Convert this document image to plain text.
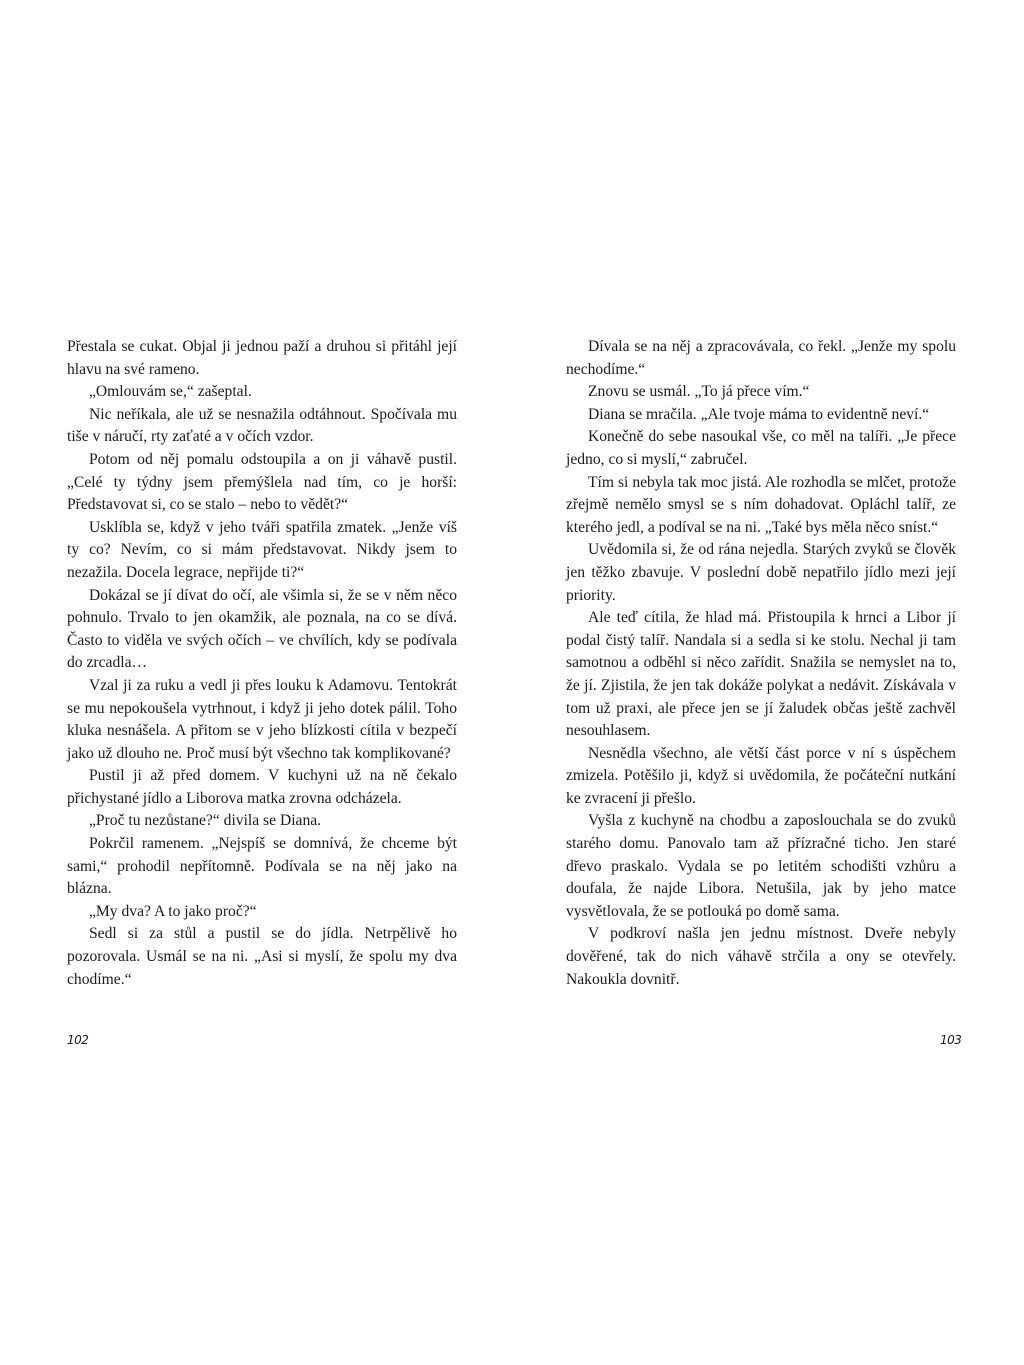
Přestala se cukat. Objal ji jednou paží a druhou si přitáhl její hlavu na své rameno.

„Omlouvám se,“ zašeptal.

Nic neříkala, ale už se nesnažila odtáhnout. Spočívala mu tiše v náručí, rty zaťaté a v očích vzdor.

Potom od něj pomalu odstoupila a on ji váhavě pustil. „Celé ty týdny jsem přemýšlela nad tím, co je horší: Představovat si, co se stalo – nebo to vědět?“

Usklíbla se, když v jeho tváři spatřila zmatek. „Jenže víš ty co? Nevím, co si mám představovat. Nikdy jsem to nezažila. Docela legrace, nepřijde ti?“

Dokázal se jí dívat do očí, ale všimla si, že se v něm něco pohnulo. Trvalo to jen okamžik, ale poznala, na co se dívá. Často to viděla ve svých očích – ve chvílích, kdy se podívala do zrcadla…

Vzal ji za ruku a vedl ji přes louku k Adamovu. Tentokrát se mu nepokoušela vytrhnout, i když ji jeho dotek pálil. Toho kluka nesnášela. A přitom se v jeho blízkosti cítila v bezpečí jako už dlouho ne. Proč musí být všechno tak komplikované?

Pustil ji až před domem. V kuchyni už na ně čekalo přichystané jídlo a Liborova matka zrovna odcházela.

„Proč tu nezůstane?“ divila se Diana.

Pokrčil ramenem. „Nejspíš se domnívá, že chceme být sami,“ prohodil nepřítomně. Podívala se na něj jako na blázna.

„My dva? A to jako proč?“

Sedl si za stůl a pustil se do jídla. Netrpělivě ho pozorovala. Usmál se na ni. „Asi si myslí, že spolu my dva chodíme.“

Dívala se na něj a zpracovávala, co řekl. „Jenže my spolu nechodíme.“

Znovu se usmál. „To já přece vím.“

Diana se mračila. „Ale tvoje máma to evidentně neví.“

Konečně do sebe nasoukal vše, co měl na talíři. „Je přece jedno, co si myslí,“ zabručel.

Tím si nebyla tak moc jistá. Ale rozhodla se mlčet, protože zřejmě nemělo smysl se s ním dohadovat. Opláchl talíř, ze kterého jedl, a podíval se na ni. „Také bys měla něco sníst.“

Uvědomila si, že od rána nejedla. Starých zvyků se člověk jen těžko zbavuje. V poslední době nepatřilo jídlo mezi její priority.

Ale teď cítila, že hlad má. Přistoupila k hrnci a Libor jí podal čistý talíř. Nandala si a sedla si ke stolu. Nechal ji tam samotnou a odběhl si něco zařídit. Snažila se nemyslet na to, že jí. Zjistila, že jen tak dokáže polykat a nedávit. Získávala v tom už praxi, ale přece jen se jí žaludek občas ještě zachvěl nesouhlasem.

Nesnědla všechno, ale větší část porce v ní s úspěchem zmizela. Potěšilo ji, když si uvědomila, že počáteční nutkání ke zvracení ji přešlo.

Vyšla z kuchyně na chodbu a zaposlouchala se do zvuků starého domu. Panovalo tam až přízračné ticho. Jen staré dřevo praskalo. Vydala se po letitém schodišti vzhůru a doufala, že najde Libora. Netušila, jak by jeho matce vysvětlovala, že se potlouká po domě sama.

V podkroví našla jen jednu místnost. Dveře nebyly dověřené, tak do nich váhavě strčila a ony se otevřely. Nakoukla dovnitř.

102	103
